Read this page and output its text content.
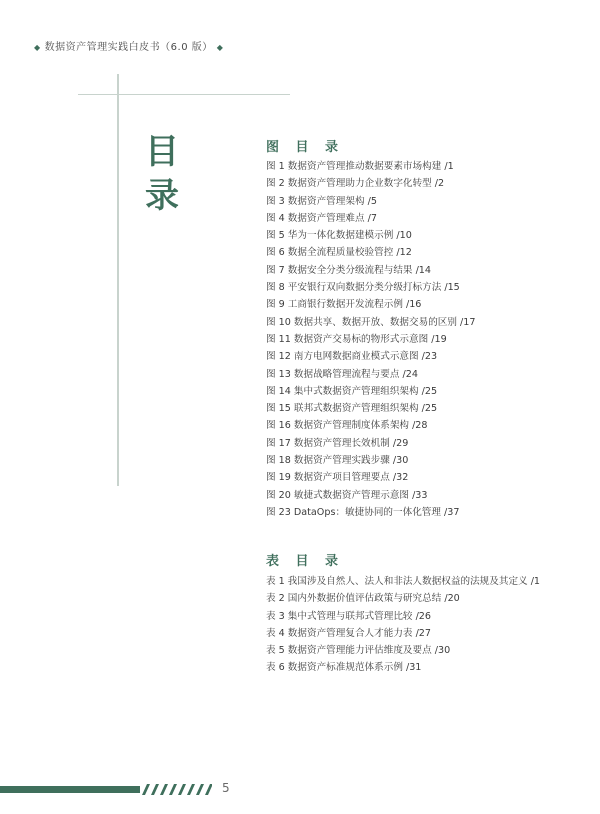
◆ 数据资产管理实践白皮书（6.0 版） ◆
目
录
图 目 录
图 1 数据资产管理推动数据要素市场构建 /1
图 2 数据资产管理助力企业数字化转型 /2
图 3 数据资产管理架构 /5
图 4 数据资产管理难点 /7
图 5 华为一体化数据建模示例 /10
图 6 数据全流程质量校验管控 /12
图 7 数据安全分类分级流程与结果 /14
图 8 平安银行双向数据分类分级打标方法 /15
图 9 工商银行数据开发流程示例 /16
图 10 数据共享、数据开放、数据交易的区别 /17
图 11 数据资产交易标的物形式示意图 /19
图 12 南方电网数据商业模式示意图 /23
图 13 数据战略管理流程与要点 /24
图 14 集中式数据资产管理组织架构 /25
图 15 联邦式数据资产管理组织架构 /25
图 16 数据资产管理制度体系架构 /28
图 17 数据资产管理长效机制 /29
图 18 数据资产管理实践步骤 /30
图 19 数据资产项目管理要点 /32
图 20 敏捷式数据资产管理示意图 /33
图 23 DataOps：敏捷协同的一体化管理 /37
表 目 录
表 1 我国涉及自然人、法人和非法人数据权益的法规及其定义 /1
表 2 国内外数据价值评估政策与研究总结 /20
表 3 集中式管理与联邦式管理比较 /26
表 4 数据资产管理复合人才能力表 /27
表 5 数据资产管理能力评估维度及要点 /30
表 6 数据资产标准规范体系示例 /31
5
